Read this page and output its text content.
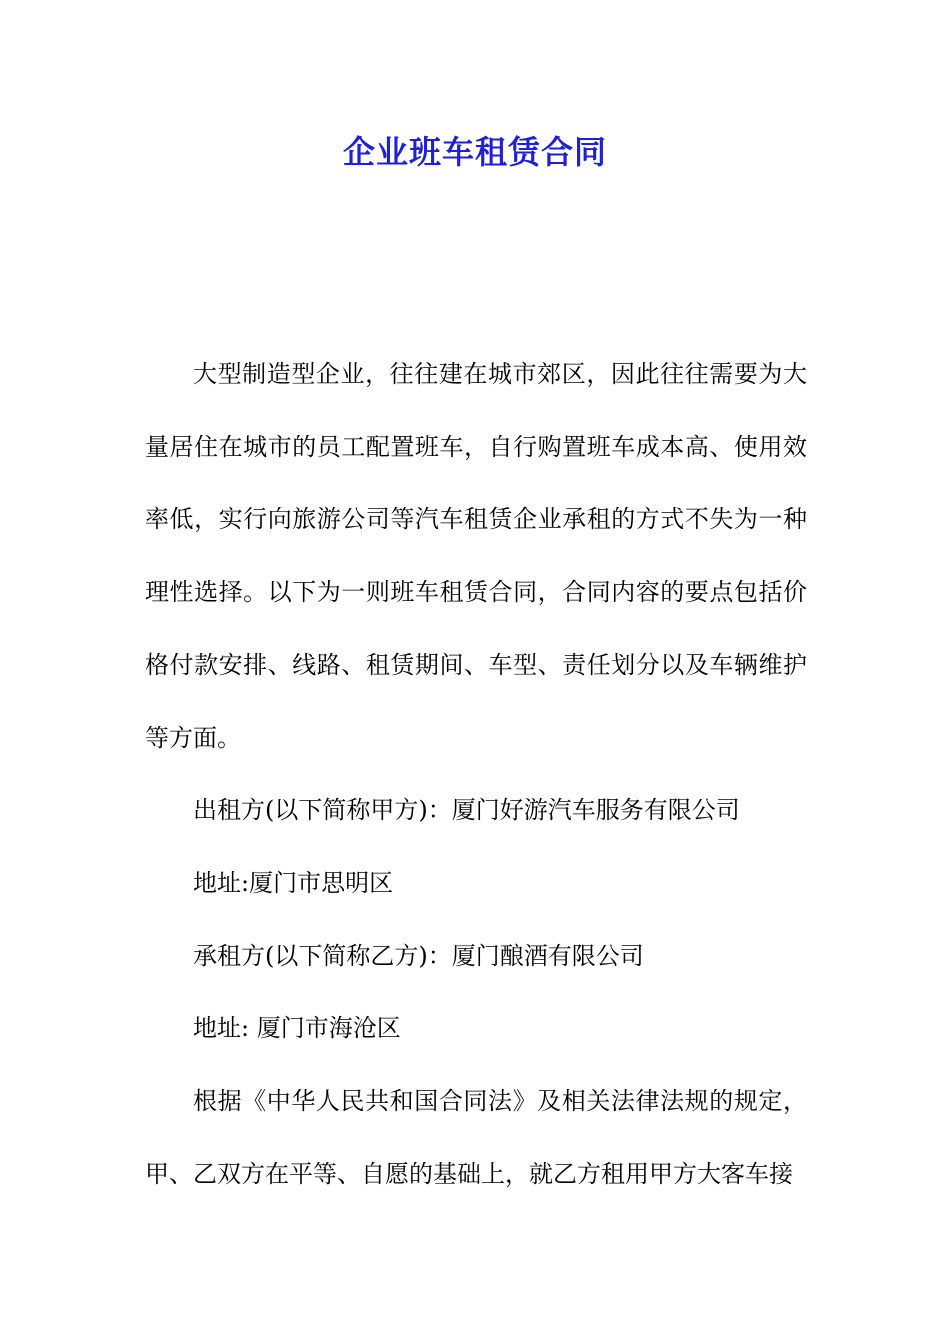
企业班车租赁合同

大型制造型企业，往往建在城市郊区，因此往往需要为大量居住在城市的员工配置班车，自行购置班车成本高、使用效率低，实行向旅游公司等汽车租赁企业承租的方式不失为一种理性选择。以下为一则班车租赁合同，合同内容的要点包括价格付款安排、线路、租赁期间、车型、责任划分以及车辆维护等方面。

出租方(以下简称甲方)：厦门好游汽车服务有限公司

地址:厦门市思明区

承租方(以下简称乙方)：厦门酿酒有限公司

地址: 厦门市海沧区

根据《中华人民共和国合同法》及相关法律法规的规定，甲、乙双方在平等、自愿的基础上，就乙方租用甲方大客车接
